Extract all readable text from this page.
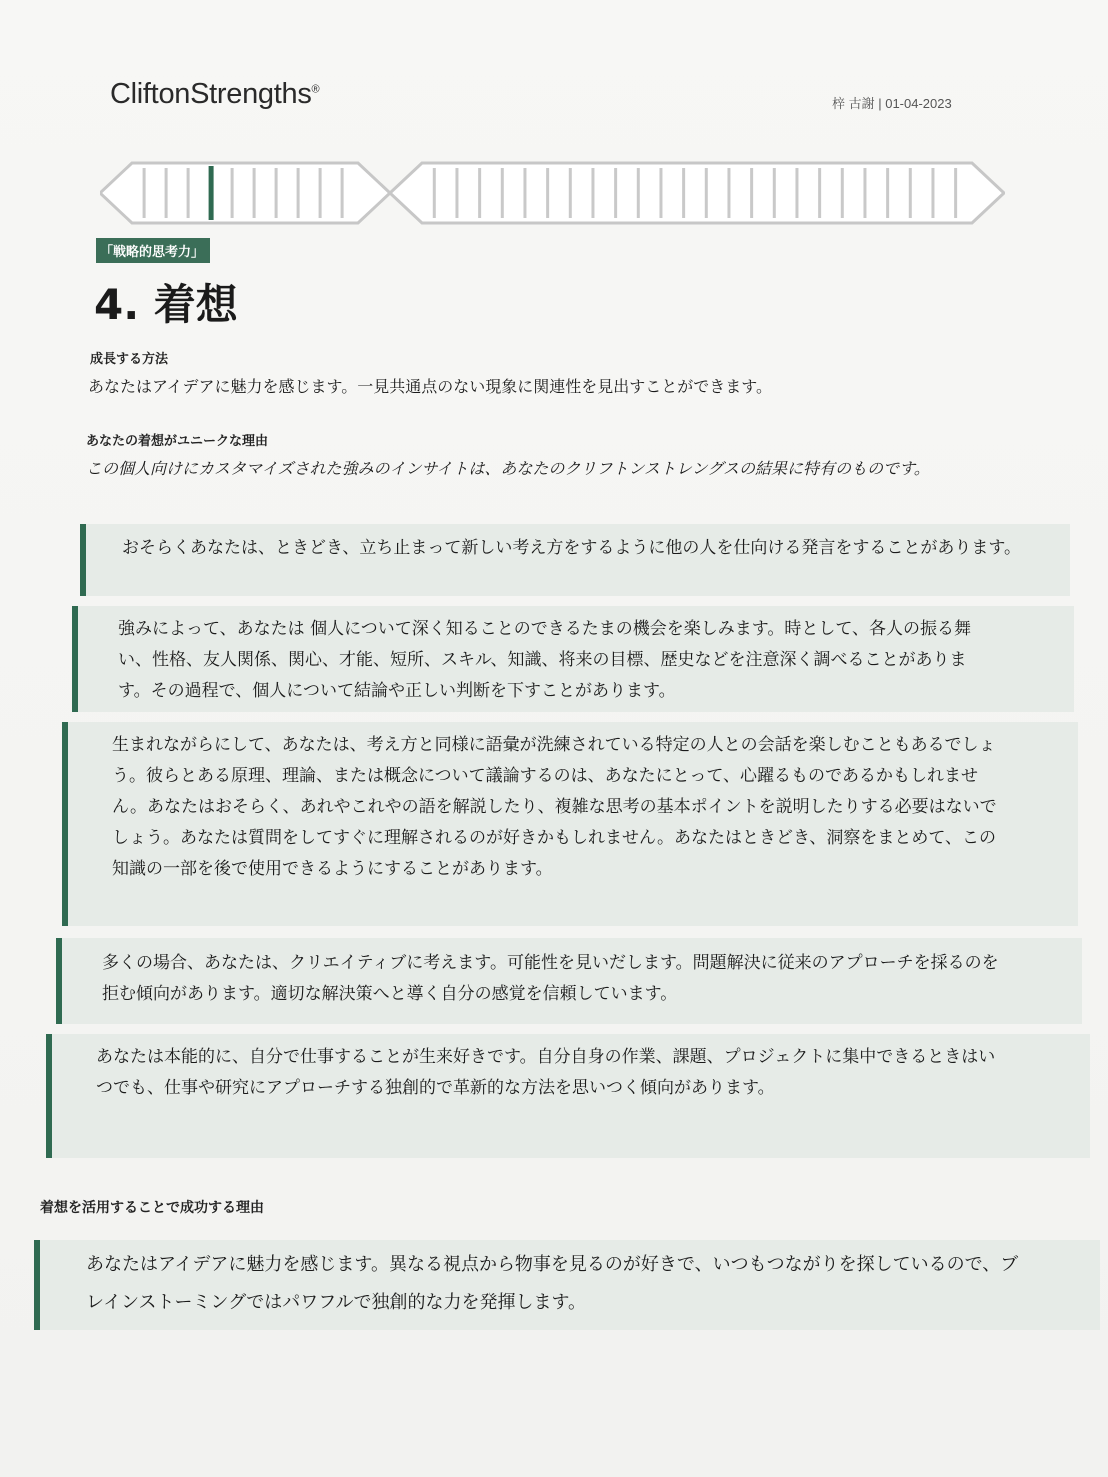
CliftonStrengths®
梓 古謝 | 01-04-2023
「戦略的思考力」
4. 着想
成長する方法
あなたはアイデアに魅力を感じます。一見共通点のない現象に関連性を見出すことができます。
あなたの着想がユニークな理由
この個人向けにカスタマイズされた強みのインサイトは、あなたのクリフトンストレングスの結果に特有のものです。
おそらくあなたは、ときどき、立ち止まって新しい考え方をするように他の人を仕向ける発言をすることがあります。
強みによって、あなたは 個人について深く知ることのできるたまの機会を楽しみます。時として、各人の振る舞い、性格、友人関係、関心、才能、短所、スキル、知識、将来の目標、歴史などを注意深く調べることがあります。その過程で、個人について結論や正しい判断を下すことがあります。
生まれながらにして、あなたは、考え方と同様に語彙が洗練されている特定の人との会話を楽しむこともあるでしょう。彼らとある原理、理論、または概念について議論するのは、あなたにとって、心躍るものであるかもしれません。あなたはおそらく、あれやこれやの語を解説したり、複雑な思考の基本ポイントを説明したりする必要はないでしょう。あなたは質問をしてすぐに理解されるのが好きかもしれません。あなたはときどき、洞察をまとめて、この知識の一部を後で使用できるようにすることがあります。
多くの場合、あなたは、クリエイティブに考えます。可能性を見いだします。問題解決に従来のアプローチを採るのを拒む傾向があります。適切な解決策へと導く自分の感覚を信頼しています。
あなたは本能的に、自分で仕事することが生来好きです。自分自身の作業、課題、プロジェクトに集中できるときはいつでも、仕事や研究にアプローチする独創的で革新的な方法を思いつく傾向があります。
着想を活用することで成功する理由
あなたはアイデアに魅力を感じます。異なる視点から物事を見るのが好きで、いつもつながりを探しているので、ブレインストーミングではパワフルで独創的な力を発揮します。
